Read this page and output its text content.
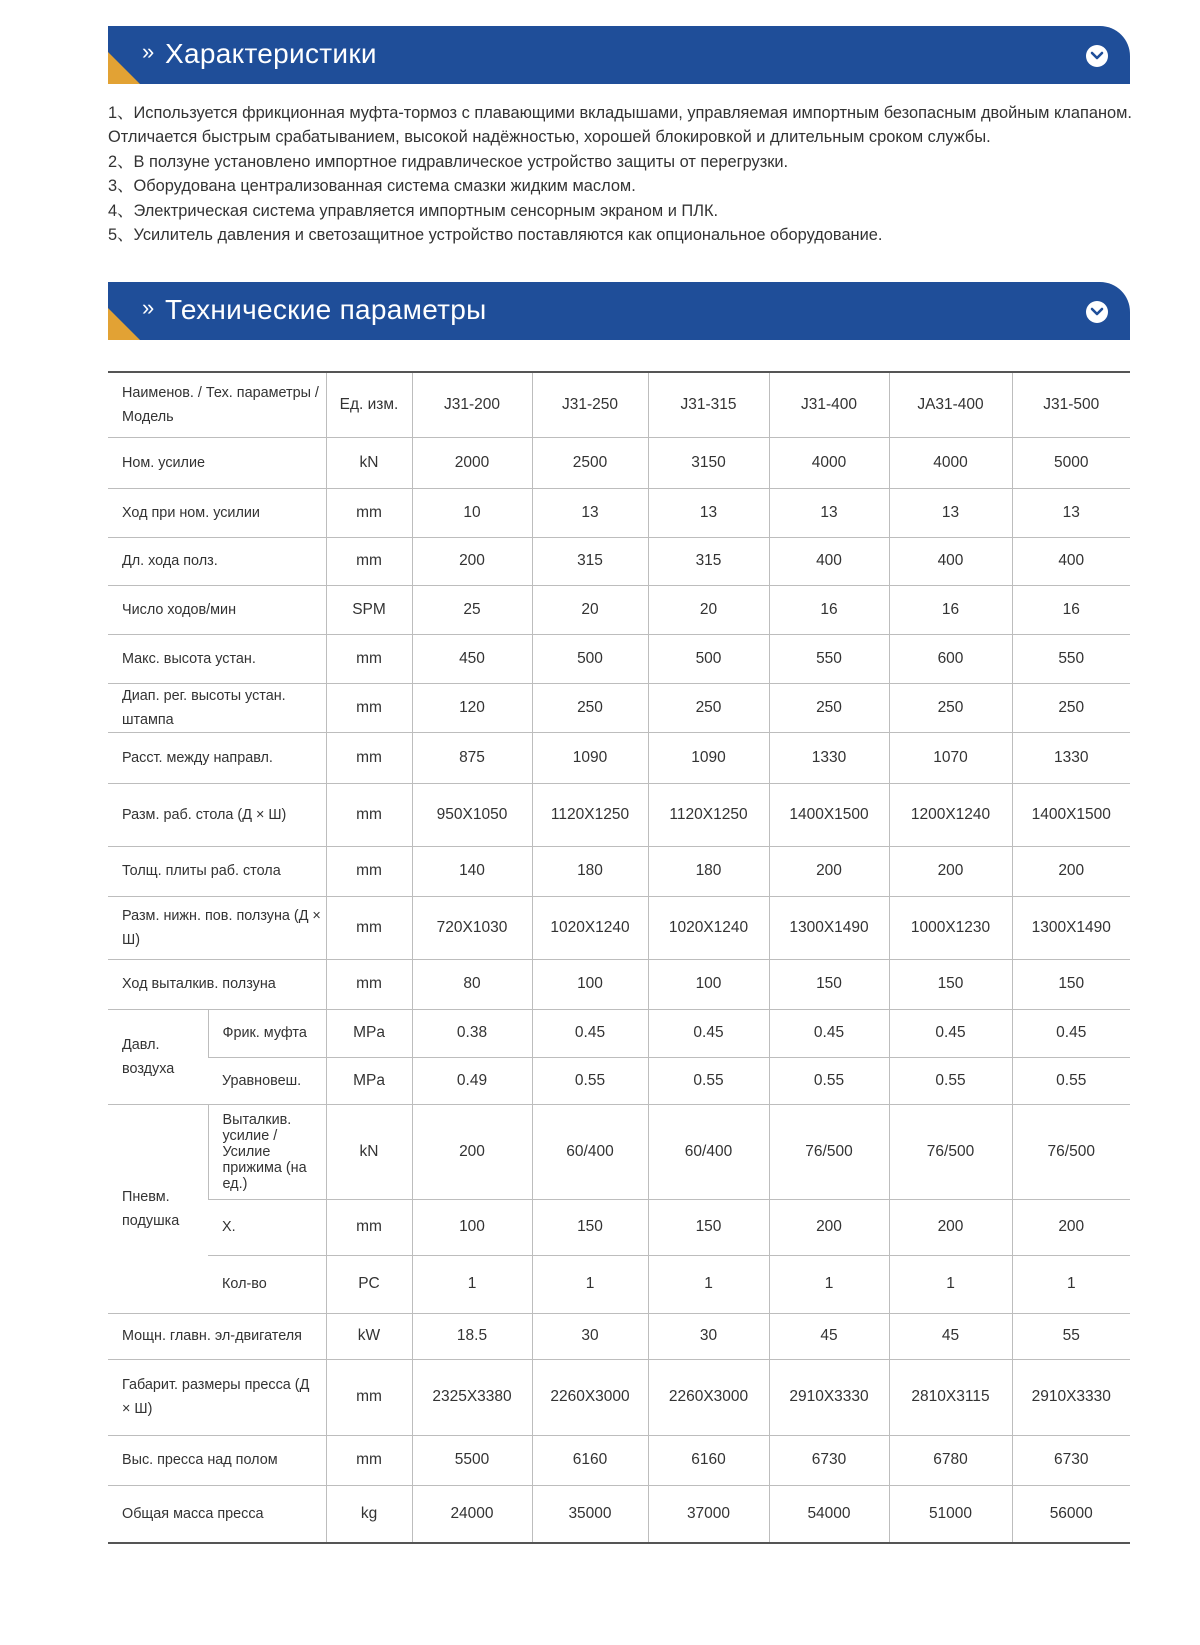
» Характеристики

1、Используется фрикционная муфта-тормоз с плавающими вкладышами, управляемая импортным безопасным двойным клапаном. Отличается быстрым срабатыванием, высокой надёжностью, хорошей блокировкой и длительным сроком службы.

2、В ползуне установлено импортное гидравлическое устройство защиты от перегрузки.

3、Оборудована централизованная система смазки жидким маслом.

4、Электрическая система управляется импортным сенсорным экраном и ПЛК.

5、Усилитель давления и светозащитное устройство поставляются как опциональное оборудование.

» Технические параметры
Наименов. / Тех. параметры / Модель		Ед. изм.	J31-200	J31-250	J31-315	J31-400	JA31-400	J31-500
Ном. усилие		kN	2000	2500	3150	4000	4000	5000
Ход при ном. усилии		mm	10	13	13	13	13	13
Дл. хода полз.		mm	200	315	315	400	400	400
Число ходов/мин		SPM	25	20	20	16	16	16
Макс. высота устан.		mm	450	500	500	550	600	550
Диап. рег. высоты устан. штампа		mm	120	250	250	250	250	250
Расст. между направл.		mm	875	1090	1090	1330	1070	1330
Разм. раб. стола (Д × Ш)		mm	950X1050	1120X1250	1120X1250	1400X1500	1200X1240	1400X1500
Толщ. плиты раб. стола		mm	140	180	180	200	200	200
Разм. нижн. пов. ползуна (Д × Ш)		mm	720X1030	1020X1240	1020X1240	1300X1490	1000X1230	1300X1490
Ход выталкив. ползуна		mm	80	100	100	150	150	150
Давл. воздуха	Фрик. муфта	MPa	0.38	0.45	0.45	0.45	0.45	0.45
	Уравновеш.	MPa	0.49	0.55	0.55	0.55	0.55	0.55
Пневм. подушка	Выталкив. усилие / Усилие прижима (на ед.)	kN	200	60/400	60/400	76/500	76/500	76/500
	X.	mm	100	150	150	200	200	200
	Кол-во	PC	1	1	1	1	1	1
Мощн. главн. эл-двигателя		kW	18.5	30	30	45	45	55
Габарит. размеры пресса (Д × Ш)		mm	2325X3380	2260X3000	2260X3000	2910X3330	2810X3115	2910X3330
Выс. пресса над полом		mm	5500	6160	6160	6730	6780	6730
Общая масса пресса		kg	24000	35000	37000	54000	51000	56000
